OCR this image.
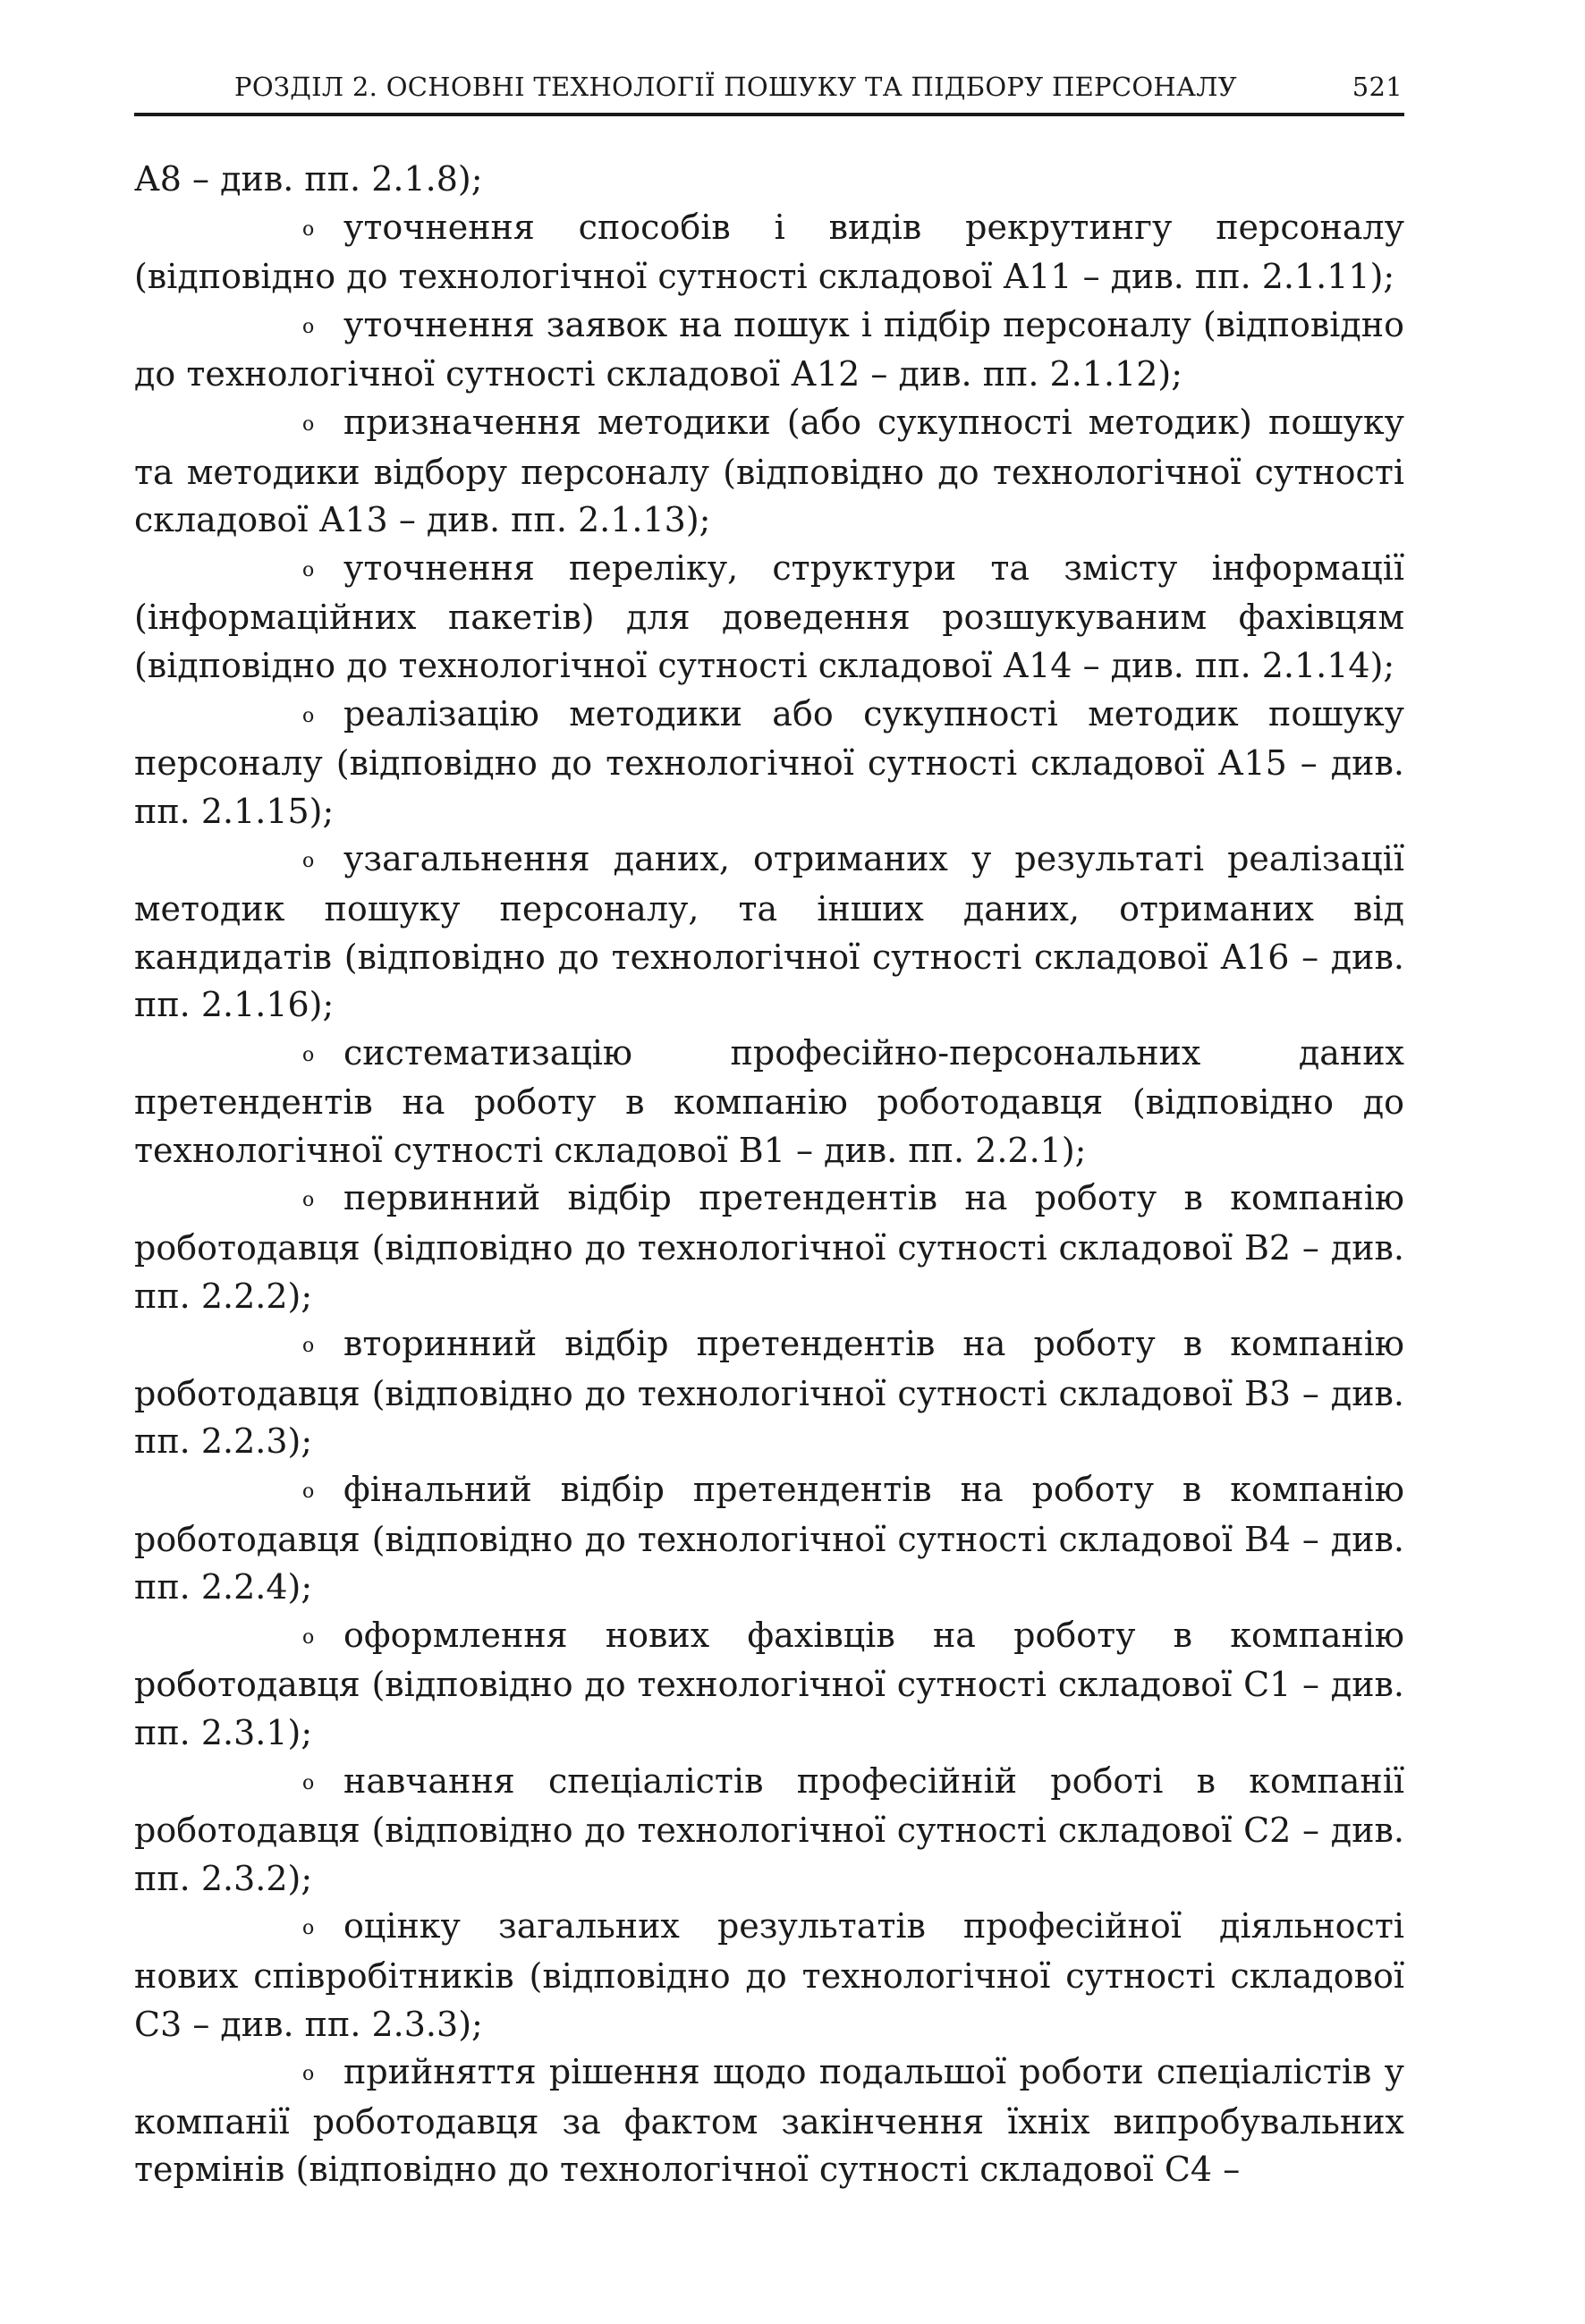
РОЗДІЛ 2. ОСНОВНІ ТЕХНОЛОГІЇ ПОШУКУ ТА ПІДБОРУ ПЕРСОНАЛУ	521

А8 – див. пп. 2.1.8);

o уточнення способів і видів рекрутингу персоналу (відповідно до технологічної сутності складової А11 – див. пп. 2.1.11);

o уточнення заявок на пошук і підбір персоналу (відповідно до технологічної сутності складової А12 – див. пп. 2.1.12);

o призначення методики (або сукупності методик) пошуку та методики відбору персоналу (відповідно до технологічної сутності складової А13 – див. пп. 2.1.13);

o уточнення переліку, структури та змісту інформації (інформаційних пакетів) для доведення розшукуваним фахівцям (відповідно до технологічної сутності складової А14 – див. пп. 2.1.14);

o реалізацію методики або сукупності методик пошуку персоналу (відповідно до технологічної сутності складової А15 – див. пп. 2.1.15);

o узагальнення даних, отриманих у результаті реалізації методик пошуку персоналу, та інших даних, отриманих від кандидатів (відповідно до технологічної сутності складової А16 – див. пп. 2.1.16);

o систематизацію професійно-персональних даних претендентів на роботу в компанію роботодавця (відповідно до технологічної сутності складової В1 – див. пп. 2.2.1);

o первинний відбір претендентів на роботу в компанію роботодавця (відповідно до технологічної сутності складової В2 – див. пп. 2.2.2);

o вторинний відбір претендентів на роботу в компанію роботодавця (відповідно до технологічної сутності складової В3 – див. пп. 2.2.3);

o фінальний відбір претендентів на роботу в компанію роботодавця (відповідно до технологічної сутності складової В4 – див. пп. 2.2.4);

o оформлення нових фахівців на роботу в компанію роботодавця (відповідно до технологічної сутності складової С1 – див. пп. 2.3.1);

o навчання спеціалістів професійній роботі в компанії роботодавця (відповідно до технологічної сутності складової С2 – див. пп. 2.3.2);

o оцінку загальних результатів професійної діяльності нових співробітників (відповідно до технологічної сутності складової С3 – див. пп. 2.3.3);

o прийняття рішення щодо подальшої роботи спеціалістів у компанії роботодавця за фактом закінчення їхніх випробувальних термінів (відповідно до технологічної сутності складової С4 –
